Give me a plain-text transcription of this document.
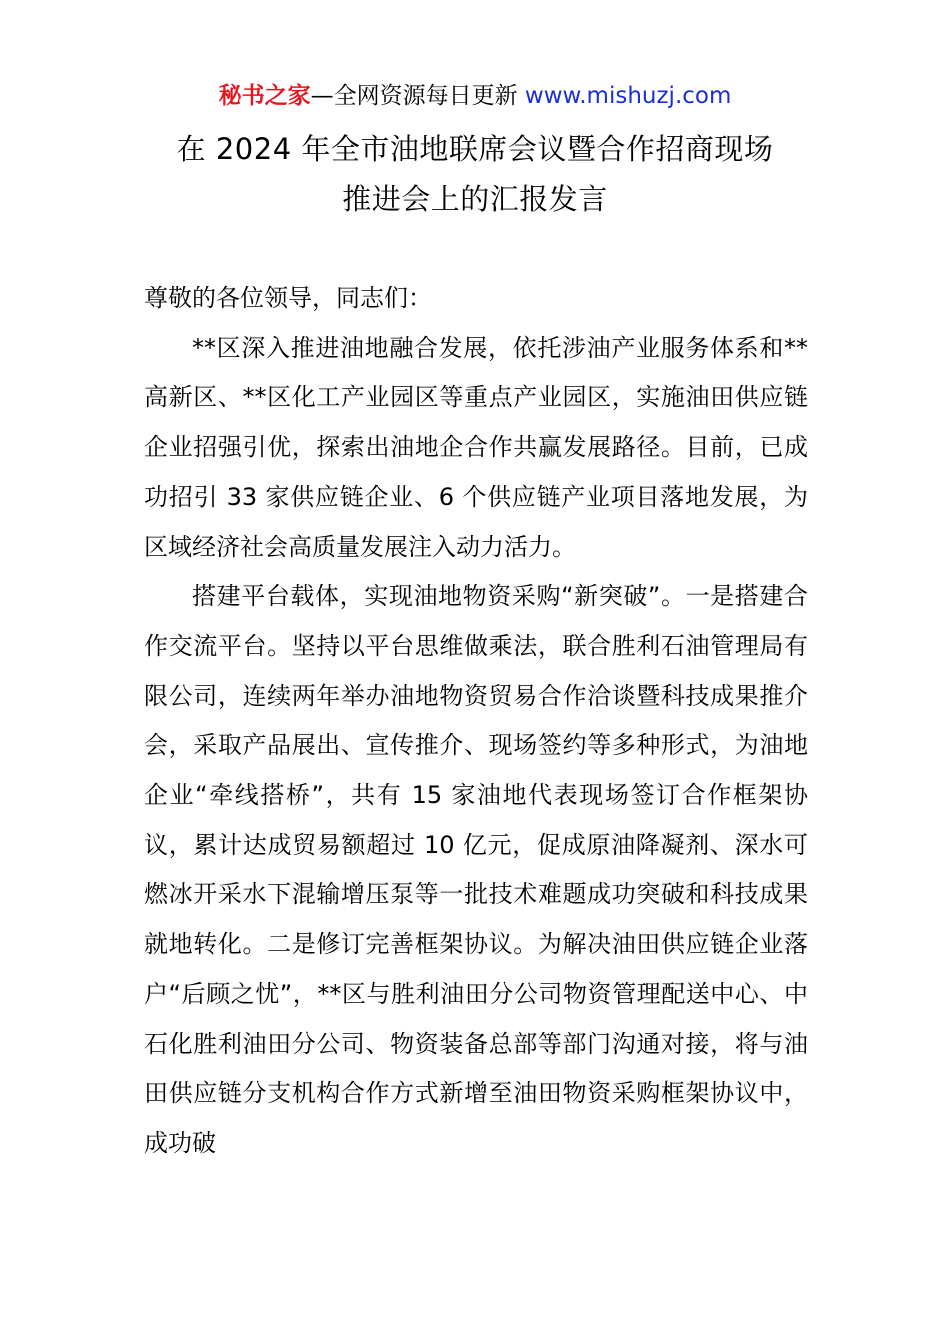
秘书之家—全网资源每日更新 www.mishuzj.com
在 2024 年全市油地联席会议暨合作招商现场
推进会上的汇报发言

尊敬的各位领导，同志们：

**区深入推进油地融合发展，依托涉油产业服务体系和**高新区、**区化工产业园区等重点产业园区，实施油田供应链企业招强引优，探索出油地企合作共赢发展路径。目前，已成功招引 33 家供应链企业、6 个供应链产业项目落地发展，为区域经济社会高质量发展注入动力活力。

搭建平台载体，实现油地物资采购“新突破”。一是搭建合作交流平台。坚持以平台思维做乘法，联合胜利石油管理局有限公司，连续两年举办油地物资贸易合作洽谈暨科技成果推介会，采取产品展出、宣传推介、现场签约等多种形式，为油地企业“牵线搭桥”，共有 15 家油地代表现场签订合作框架协议，累计达成贸易额超过 10 亿元，促成原油降凝剂、深水可燃冰开采水下混输增压泵等一批技术难题成功突破和科技成果就地转化。二是修订完善框架协议。为解决油田供应链企业落户“后顾之忧”，**区与胜利油田分公司物资管理配送中心、中石化胜利油田分公司、物资装备总部等部门沟通对接，将与油田供应链分支机构合作方式新增至油田物资采购框架协议中，成功破
